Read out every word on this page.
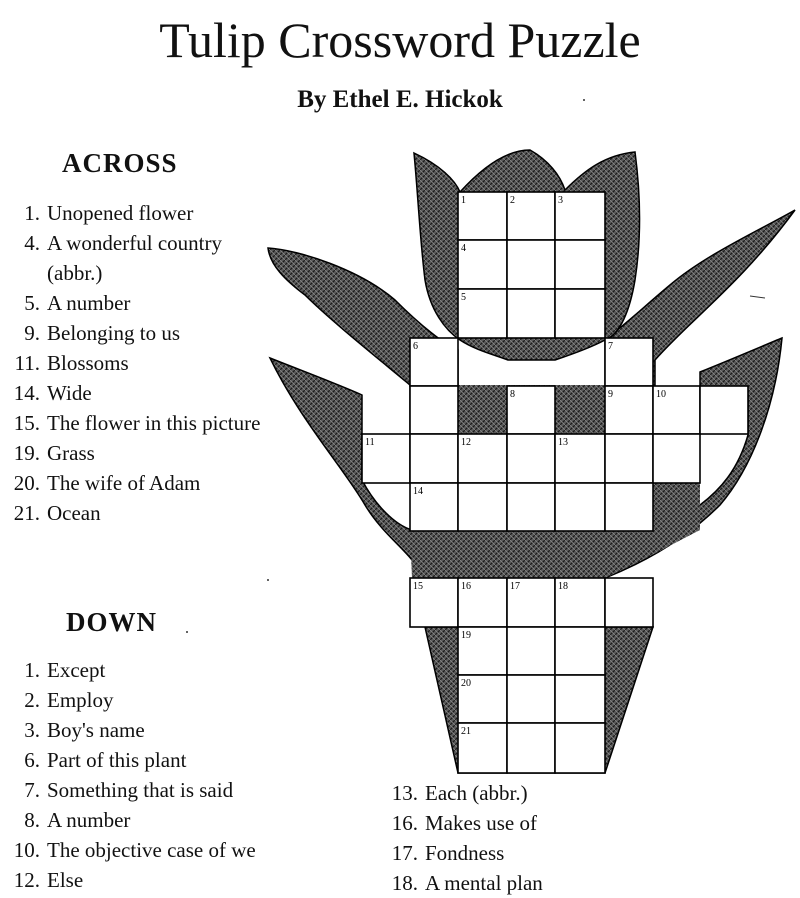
Tulip Crossword Puzzle
By Ethel E. Hickok
ACROSS
1. Unopened flower
4. A wonderful country (abbr.)
5. A number
9. Belonging to us
11. Blossoms
14. Wide
15. The flower in this picture
19. Grass
20. The wife of Adam
21. Ocean
DOWN
1. Except
2. Employ
3. Boy's name
6. Part of this plant
7. Something that is said
8. A number
10. The objective case of we
12. Else
13. Each (abbr.)
16. Makes use of
17. Fondness
18. A mental plan
1	2	3
4
5
6	7
8	9	10
11	12	13
14
15	16	17	18
19
20
21
